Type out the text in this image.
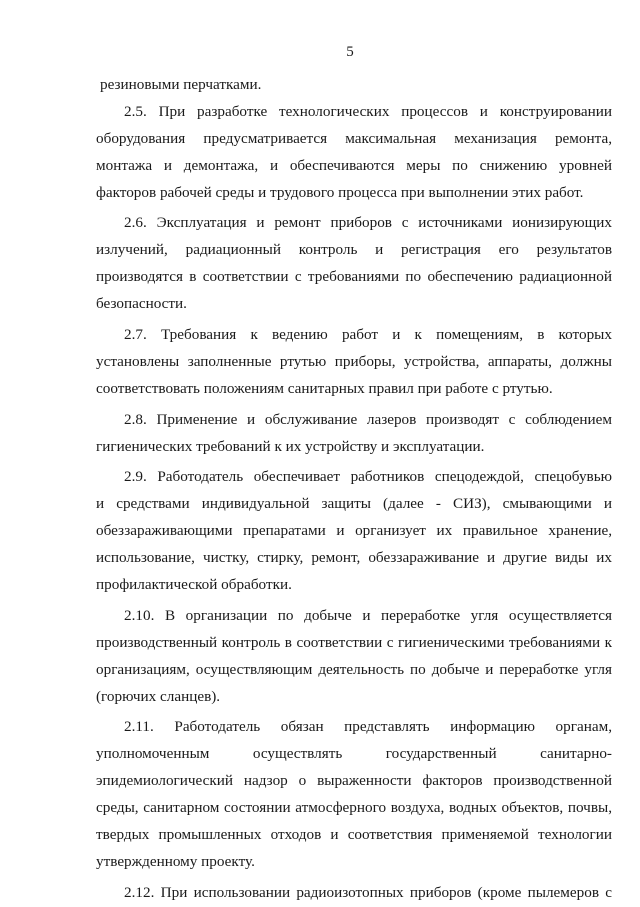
5
резиновыми перчатками.
2.5. При разработке технологических процессов и конструировании
оборудования предусматривается максимальная механизация ремонта,
монтажа и демонтажа, и обеспечиваются меры по снижению уровней
факторов рабочей среды и трудового процесса при выполнении этих работ.
2.6. Эксплуатация и ремонт приборов с источниками ионизирующих
излучений, радиационный контроль и регистрация его результатов
производятся в соответствии с требованиями по обеспечению радиационной
безопасности.
2.7. Требования к ведению работ и к помещениям, в которых
установлены заполненные ртутью приборы, устройства, аппараты, должны
соответствовать положениям санитарных правил при работе с ртутью.
2.8. Применение и обслуживание лазеров производят с соблюдением
гигиенических требований к их устройству и эксплуатации.
2.9. Работодатель обеспечивает работников спецодеждой, спецобувью
и средствами индивидуальной защиты (далее - СИЗ), смывающими и
обеззараживающими препаратами и организует их правильное хранение,
использование, чистку, стирку, ремонт, обеззараживание и другие виды их
профилактической обработки.
2.10. В организации по добыче и переработке угля осуществляется
производственный контроль в соответствии с гигиеническими требованиями к
организациям, осуществляющим деятельность по добыче и переработке угля
(горючих сланцев).
2.11. Работодатель обязан представлять информацию органам,
уполномоченным осуществлять государственный санитарно-
эпидемиологический надзор о выраженности факторов производственной
среды, санитарном состоянии атмосферного воздуха, водных объектов, почвы,
твердых промышленных отходов и соответствия применяемой технологии
утвержденному проекту.
2.12. При использовании радиоизотопных приборов (кроме пылемеров с
